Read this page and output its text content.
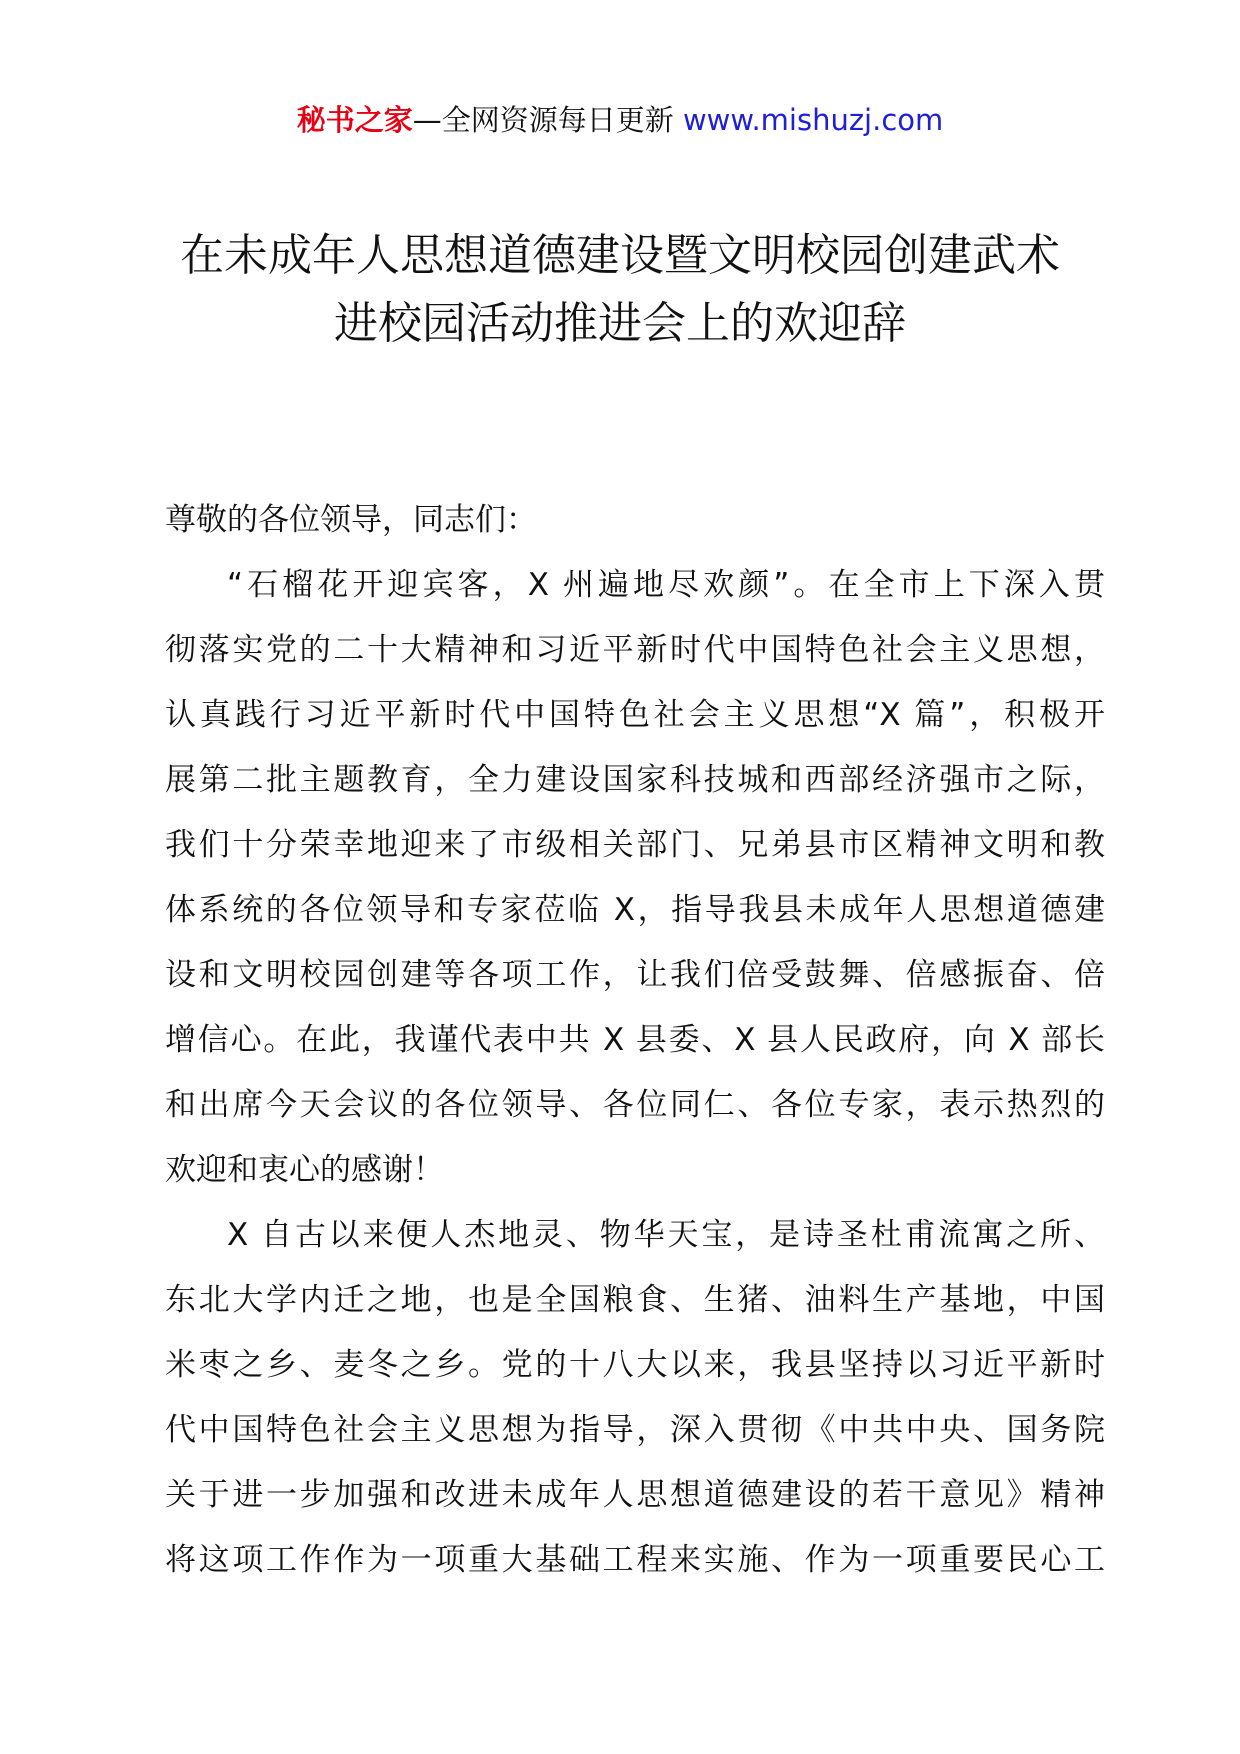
秘书之家—全网资源每日更新 www.mishuzj.com
在未成年人思想道德建设暨文明校园创建武术
进校园活动推进会上的欢迎辞
尊敬的各位领导，同志们：
“石榴花开迎宾客，X 州遍地尽欢颜”。在全市上下深入贯
彻落实党的二十大精神和习近平新时代中国特色社会主义思想，
认真践行习近平新时代中国特色社会主义思想“X 篇”，积极开
展第二批主题教育，全力建设国家科技城和西部经济强市之际，
我们十分荣幸地迎来了市级相关部门、兄弟县市区精神文明和教
体系统的各位领导和专家莅临 X，指导我县未成年人思想道德建
设和文明校园创建等各项工作，让我们倍受鼓舞、倍感振奋、倍
增信心。在此，我谨代表中共 X 县委、X 县人民政府，向 X 部长
和出席今天会议的各位领导、各位同仁、各位专家，表示热烈的
欢迎和衷心的感谢！
X 自古以来便人杰地灵、物华天宝，是诗圣杜甫流寓之所、
东北大学内迁之地，也是全国粮食、生猪、油料生产基地，中国
米枣之乡、麦冬之乡。党的十八大以来，我县坚持以习近平新时
代中国特色社会主义思想为指导，深入贯彻《中共中央、国务院
关于进一步加强和改进未成年人思想道德建设的若干意见》精神
将这项工作作为一项重大基础工程来实施、作为一项重要民心工
